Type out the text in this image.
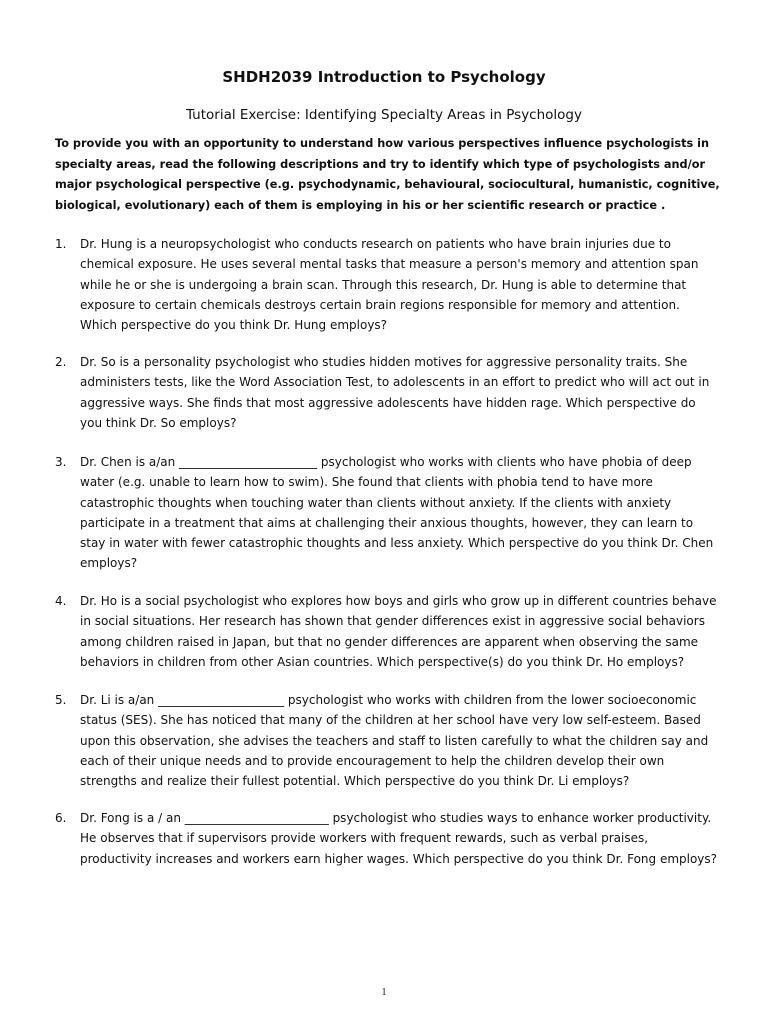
SHDH2039 Introduction to Psychology
Tutorial Exercise: Identifying Specialty Areas in Psychology
To provide you with an opportunity to understand how various perspectives influence psychologists in specialty areas, read the following descriptions and try to identify which type of psychologists and/or major psychological perspective (e.g. psychodynamic, behavioural, sociocultural, humanistic, cognitive, biological, evolutionary) each of them is employing in his or her scientific research or practice .
1. Dr. Hung is a neuropsychologist who conducts research on patients who have brain injuries due to chemical exposure. He uses several mental tasks that measure a person's memory and attention span while he or she is undergoing a brain scan. Through this research, Dr. Hung is able to determine that exposure to certain chemicals destroys certain brain regions responsible for memory and attention. Which perspective do you think Dr. Hung employs?
2. Dr. So is a personality psychologist who studies hidden motives for aggressive personality traits. She administers tests, like the Word Association Test, to adolescents in an effort to predict who will act out in aggressive ways. She finds that most aggressive adolescents have hidden rage. Which perspective do you think Dr. So employs?
3. Dr. Chen is a/an _______________________ psychologist who works with clients who have phobia of deep water (e.g. unable to learn how to swim). She found that clients with phobia tend to have more catastrophic thoughts when touching water than clients without anxiety. If the clients with anxiety participate in a treatment that aims at challenging their anxious thoughts, however, they can learn to stay in water with fewer catastrophic thoughts and less anxiety. Which perspective do you think Dr. Chen employs?
4. Dr. Ho is a social psychologist who explores how boys and girls who grow up in different countries behave in social situations. Her research has shown that gender differences exist in aggressive social behaviors among children raised in Japan, but that no gender differences are apparent when observing the same behaviors in children from other Asian countries. Which perspective(s) do you think Dr. Ho employs?
5. Dr. Li is a/an _____________________ psychologist who works with children from the lower socioeconomic status (SES). She has noticed that many of the children at her school have very low self-esteem. Based upon this observation, she advises the teachers and staff to listen carefully to what the children say and each of their unique needs and to provide encouragement to help the children develop their own strengths and realize their fullest potential. Which perspective do you think Dr. Li employs?
6. Dr. Fong is a / an ________________________ psychologist who studies ways to enhance worker productivity. He observes that if supervisors provide workers with frequent rewards, such as verbal praises, productivity increases and workers earn higher wages. Which perspective do you think Dr. Fong employs?
1
